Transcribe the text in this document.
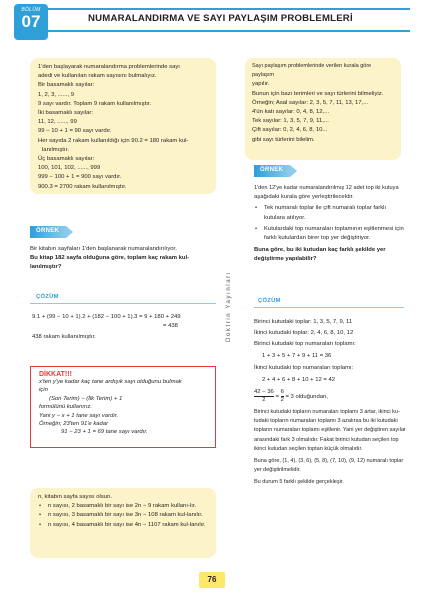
BÖLÜM
07	NUMARALANDIRMA VE SAYI PAYLAŞIM PROBLEMLERİ

1'den başlayarak numaralandırma problemlerinde sayı

adedi ve kullanılan rakam sayısını bulmalıyız.

Bir basamaklı sayılar:

1, 2, 3, ......, 9

9 sayı vardır. Toplam 9 rakam kullanılmıştır.

İki basamaklı sayılar:

11, 12, ......, 99

99 − 10 + 1 = 90 sayı vardır.

Her sayıda 2 rakam kullanıldığı için 90.2 = 180 rakam kul-

lanılmıştır.

Üç basamaklı sayılar:

100, 101, 102, ......, 999

999 − 100 + 1 = 900 sayı vardır.

900.3 = 2700 rakam kullanılmıştır.

Sayı paylaşım problemlerinde verilen kurala göre paylaşım

yapılır.

Bunun için bazı terimleri ve sayı türlerini bilmeliyiz.

Örneğin; Asal sayılar: 2, 3, 5, 7, 11, 13, 17,...

4'ün katı sayılar: 0, 4, 8, 12,...

Tek sayılar: 1, 3, 5, 7, 9, 11,...

Çift sayılar: 0, 2, 4, 6, 8, 10...

gibi sayı türlerini bilelim.

ÖRNEK

Bir kitabın sayfaları 1'den başlanarak numaralandırılıyor.

Bu kitap 182 sayfa olduğuna göre, toplam kaç rakam kul-lanılmıştır?

ÇÖZÜM

9.1 + (99 − 10 + 1).2 + (182 − 100 + 1).3 = 9 + 180 + 249

= 438

438 rakam kullanılmıştır.

DİKKAT!!!

x'ten y'ye kadar kaç tane ardışık sayı olduğunu bulmak

için

(Son Terim) − (İlk Terim) + 1

formülünü kullanırız.

Yani y − x + 1 tane sayı vardır.

Örneğin; 23'ten 91'e kadar

91 − 23 + 1 = 69 tane sayı vardır.

n, kitabın sayfa sayısı olsun.

• n sayısı, 2 basamaklı bir sayı ise 2n − 9 rakam kullanı-lır.

• n sayısı, 3 basamaklı bir sayı ise 3n − 108 rakam kul-lanılır.

• n sayısı, 4 basamaklı bir sayı ise 4n − 1107 rakam kul-lanılır.

Doktrin Yayınları
ÖRNEK

1'den 12'ye kadar numaralandırılmış 12 adet top iki kutuya

aşağıdaki kurala göre yerleştirilecektir.

• Tek numaralı toplar ile çift numaralı toplar farklı kutulara atılıyor.

• Kutulardaki top numaraları toplamının eşitlenmesi için farklı kutulardan birer top yer değiştiriyor.

Buna göre, bu iki kutudan kaç farklı şekilde yer değiştirme yapılabilir?

ÇÖZÜM

Birinci kutudaki toplar: 1, 3, 5, 7, 9, 11

İkinci kutudaki toplar: 2, 4, 6, 8, 10, 12

Birinci kutudaki top numaraları toplamı:

1 + 3 + 5 + 7 + 9 + 11 = 36

İkinci kutudaki top numaraları toplamı:

2 + 4 + 6 + 8 + 10 + 12 = 42

$\frac{42 - 36}{2} = \frac{6}{2} = 3$ olduğundan,

Birinci kutudaki topların numaraları toplamı 3 artar, ikinci ku-

tudaki topların numaraları toplamı 3 azalırsa bu iki kutudaki

topların numaraları toplamı eşitlenir. Yani yer değiştiren sayılar

arasındaki fark 3 olmalıdır. Fakat birinci kutudan seçilen top

ikinci kutudan seçilen toptan küçük olmalıdır.

Buna göre, (1, 4), (3, 6), (5, 8), (7, 10), (9, 12) numaralı toplar

yer değiştirilmelidir.

Bu durum 5 farklı şekilde gerçekleşir.

76
